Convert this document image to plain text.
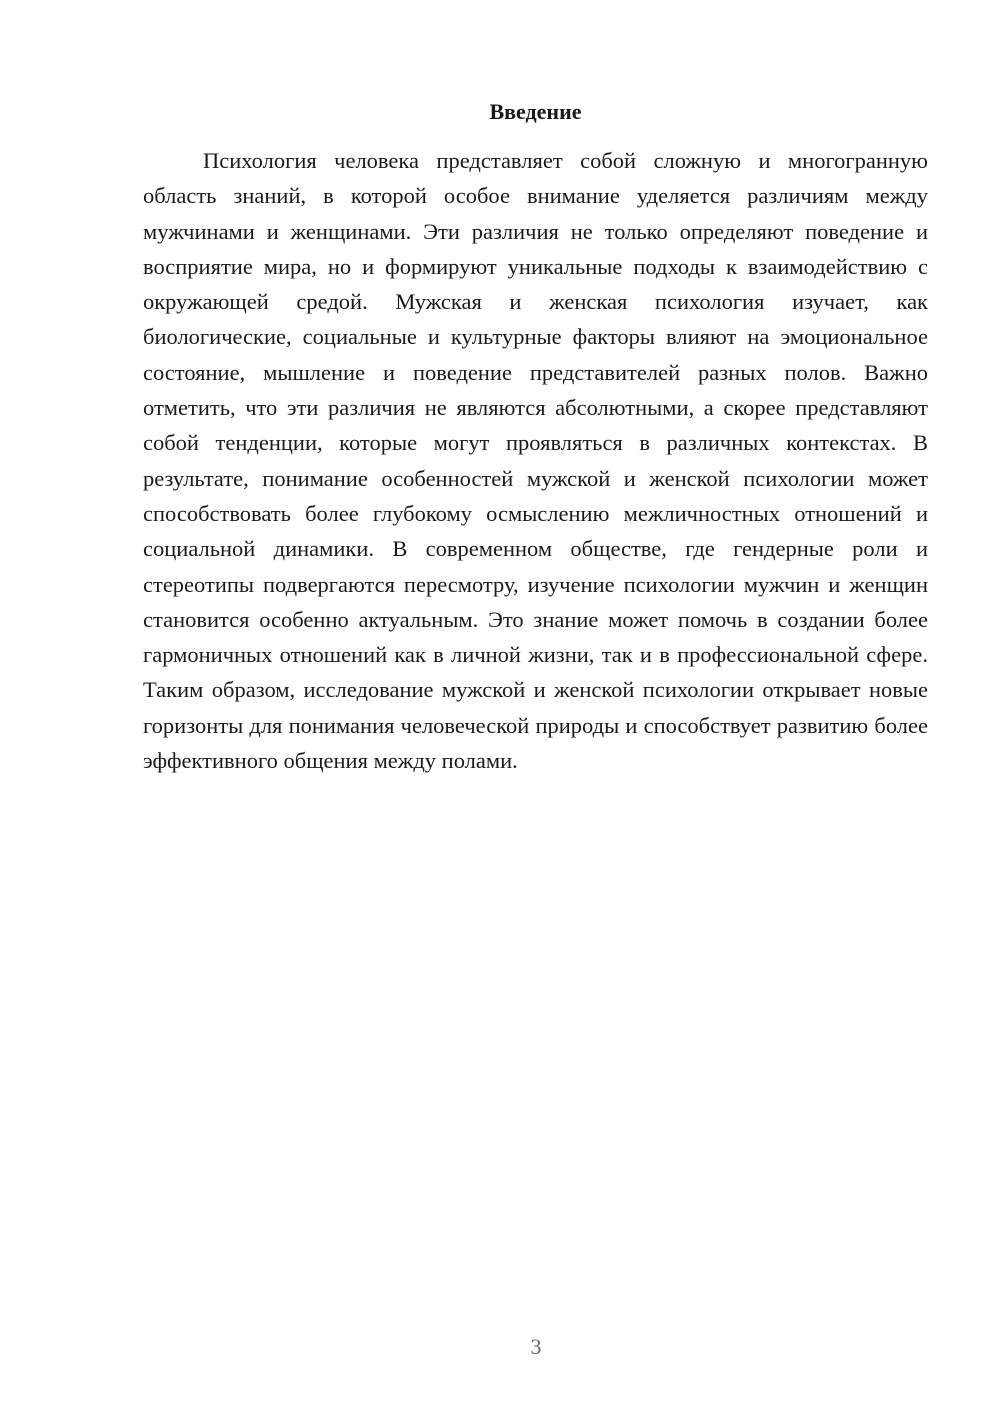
Введение

Психология человека представляет собой сложную и многогранную область знаний, в которой особое внимание уделяется различиям между мужчинами и женщинами. Эти различия не только определяют поведение и восприятие мира, но и формируют уникальные подходы к взаимодействию с окружающей средой. Мужская и женская психология изучает, как биологические, социальные и культурные факторы влияют на эмоциональное состояние, мышление и поведение представителей разных полов. Важно отметить, что эти различия не являются абсолютными, а скорее представляют собой тенденции, которые могут проявляться в различных контекстах. В результате, понимание особенностей мужской и женской психологии может способствовать более глубокому осмыслению межличностных отношений и социальной динамики. В современном обществе, где гендерные роли и стереотипы подвергаются пересмотру, изучение психологии мужчин и женщин становится особенно актуальным. Это знание может помочь в создании более гармоничных отношений как в личной жизни, так и в профессиональной сфере. Таким образом, исследование мужской и женской психологии открывает новые горизонты для понимания человеческой природы и способствует развитию более эффективного общения между полами.

3
